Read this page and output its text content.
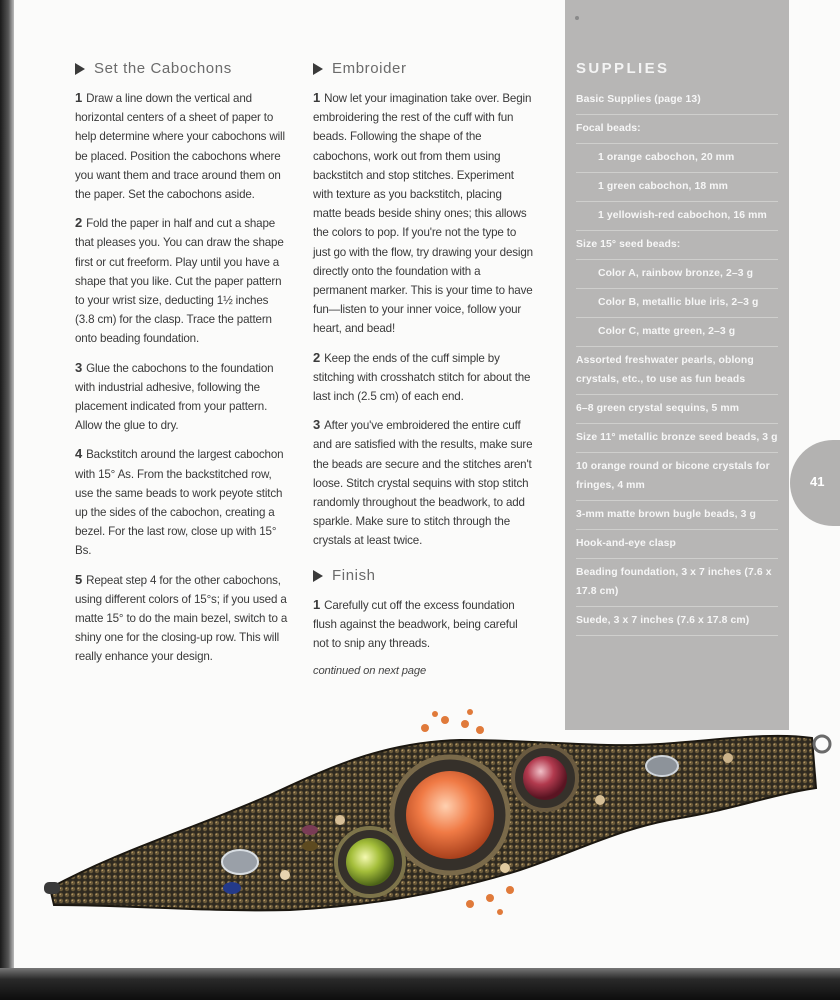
Set the Cabochons

1 Draw a line down the vertical and horizontal centers of a sheet of paper to help determine where your cabochons will be placed. Position the cabochons where you want them and trace around them on the paper. Set the cabochons aside.

2 Fold the paper in half and cut a shape that pleases you. You can draw the shape first or cut freeform. Play until you have a shape that you like. Cut the paper pattern to your wrist size, deducting 1½ inches (3.8 cm) for the clasp. Trace the pattern onto beading foundation.

3 Glue the cabochons to the foundation with industrial adhesive, following the placement indicated from your pattern. Allow the glue to dry.

4 Backstitch around the largest cabochon with 15° As. From the backstitched row, use the same beads to work peyote stitch up the sides of the cabochon, creating a bezel. For the last row, close up with 15° Bs.

5 Repeat step 4 for the other cabochons, using different colors of 15°s; if you used a matte 15° to do the main bezel, switch to a shiny one for the closing-up row. This will really enhance your design.

Embroider

1 Now let your imagination take over. Begin embroidering the rest of the cuff with fun beads. Following the shape of the cabochons, work out from them using backstitch and stop stitches. Experiment with texture as you backstitch, placing matte beads beside shiny ones; this allows the colors to pop. If you're not the type to just go with the flow, try drawing your design directly onto the foundation with a permanent marker. This is your time to have fun—listen to your inner voice, follow your heart, and bead!

2 Keep the ends of the cuff simple by stitching with crosshatch stitch for about the last inch (2.5 cm) of each end.

3 After you've embroidered the entire cuff and are satisfied with the results, make sure the beads are secure and the stitches aren't loose. Stitch crystal sequins with stop stitch randomly throughout the beadwork, to add sparkle. Make sure to stitch through the crystals at least twice.

Finish

1 Carefully cut off the excess foundation flush against the beadwork, being careful not to snip any threads.

continued on next page

SUPPLIES
Basic Supplies (page 13)
Focal beads:
1 orange cabochon, 20 mm
1 green cabochon, 18 mm
1 yellowish-red cabochon, 16 mm
Size 15° seed beads:
Color A, rainbow bronze, 2–3 g
Color B, metallic blue iris, 2–3 g
Color C, matte green, 2–3 g
Assorted freshwater pearls, oblong crystals, etc., to use as fun beads
6–8 green crystal sequins, 5 mm
Size 11° metallic bronze seed beads, 3 g
10 orange round or bicone crystals for fringes, 4 mm
3-mm matte brown bugle beads, 3 g
Hook-and-eye clasp
Beading foundation, 3 x 7 inches (7.6 x 17.8 cm)
Suede, 3 x 7 inches (7.6 x 17.8 cm)
41
